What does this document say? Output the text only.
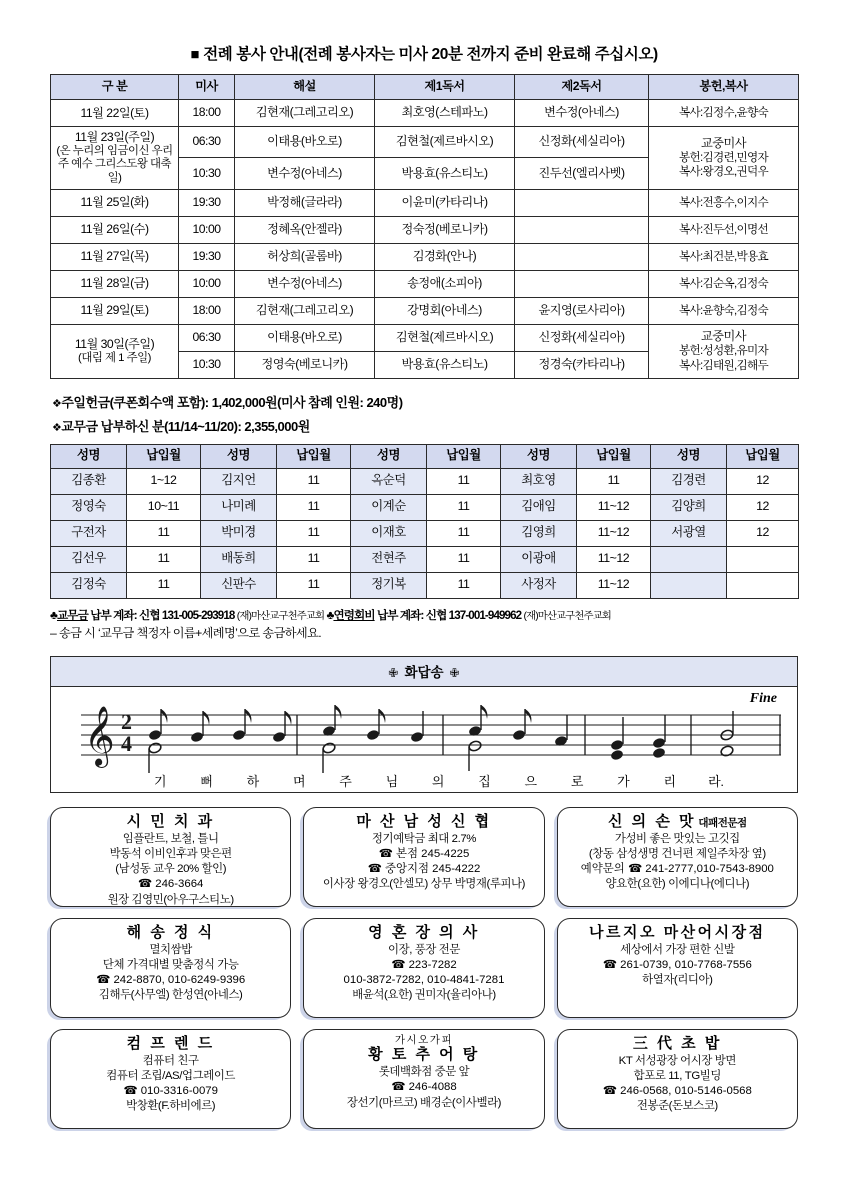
◾ 전례 봉사 안내(전례 봉사자는 미사 20분 전까지 준비 완료해 주십시오)
구 분	미사	해설	제1독서	제2독서	봉헌,복사
11월 22일(토)	18:00	김현재(그레고리오)	최호영(스테파노)	변수정(아네스)	복사:김정수,윤향숙

11월 23일(주일)
(온 누리의 임금이신 우리 주 예수 그리스도왕 대축일)
	06:30	이태용(바오로)	김현철(제르바시오)	신정화(세실리아)	교중미사
봉헌:김경련,민영자
복사:왕경오,권덕우

	10:30	변수정(아네스)	박용효(유스티노)	진두선(엘리사벳)	
11월 25일(화)	19:30	박정해(글라라)	이윤미(카타리나)		복사:전흥수,이지수

11월 26일(수)	10:00	정혜옥(안젤라)	정숙정(베로니카)		복사:진두선,이명선

11월 27일(목)	19:30	허상희(골롬바)	김경화(안나)		복사:최건분,박용효

11월 28일(금)	10:00	변수정(아네스)	송정애(소피아)		복사:김순옥,김정숙

11월 29일(토)	18:00	김현재(그레고리오)	강명회(아네스)	윤지영(로사리아)	복사:윤향숙,김정숙

11월 30일(주일)
(대림 제 1 주일)
	06:30	이태용(바오로)	김현철(제르바시오)	신정화(세실리아)	교중미사
봉헌:성성환,유미자
복사:김태원,김해두

	10:30	정영숙(베로니카)	박용효(유스티노)	정경숙(카타리나)	
❖주일헌금(쿠폰회수액 포함): 1,402,000원(미사 참례 인원: 240명)
❖교무금 납부하신 분(11/14~11/20): 2,355,000원
성명	납입월	성명	납입월	성명	납입월	성명	납입월	성명	납입월
김종환	1~12	김지언	11	옥순덕	11	최호영	11	김경련	12
정영숙	10~11	나미례	11	이계순	11	김애임	11~12	김양희	12
구전자	11	박미경	11	이재호	11	김영희	11~12	서광열	12
김선우	11	배동희	11	전현주	11	이광애	11~12		
김정숙	11	신판수	11	정기복	11	사정자	11~12		
♣교무금 납부 계좌: 신협 131-005-293918 (재)마산교구천주교회 ♣연령회비 납부 계좌: 신협 137-001-949962 (재)마산교구천주교회
– 송금 시 ‘교무금 책정자 이름+세례명’으로 송금하세요.
✙ 화답송 ✙
Fine
𝄞 2
4
기	뻐	하	며	주	님	의	집	으	로	가	리	라.
시 민 치 과
임플란트, 보철, 틀니
박동석 이비인후과 맞은편
(남성동 교우 20% 할인)
☎ 246-3664
원장 김영민(아우구스티노)
마 산 남 성 신 협
정기예탁금 최대 2.7%
☎ 본점 245-4225
☎ 중앙지점 245-4222
이사장 왕경오(안셀모) 상무 박명재(루피나)
신 의 손 맛 대패전문점
가성비 좋은 맛있는 고깃집
(창동 삼성생명 건너편 제일주차장 옆)
예약문의 ☎ 241-2777,010-7543-8900
양요한(요한) 이에디나(에디나)
해 송 정 식
멸치쌈밥
단체 가격대별 맞춤정식 가능
☎ 242-8870, 010-6249-9396
김해두(사무엘) 한성연(아네스)
영 혼 장 의 사
이장, 풍장 전문
☎ 223-7282
010-3872-7282, 010-4841-7281
배윤석(요한) 권미자(율리아나)
나르지오 마산어시장점
세상에서 가장 편한 신발
☎ 261-0739, 010-7768-7556
하열자(리디아)
컴 프 렌 드
컴퓨터 친구
컴퓨터 조립/AS/업그레이드
☎ 010-3316-0079
박창환(F.하비에르)
가시오가피
황 토 추 어 탕
롯데백화점 중문 앞
☎ 246-4088
장선기(마르코) 배경순(이사벨라)
三 代 초 밥
KT 서성광장 어시장 방면
합포로 11, TG빌딩
☎ 246-0568, 010-5146-0568
전봉준(돈보스코)
